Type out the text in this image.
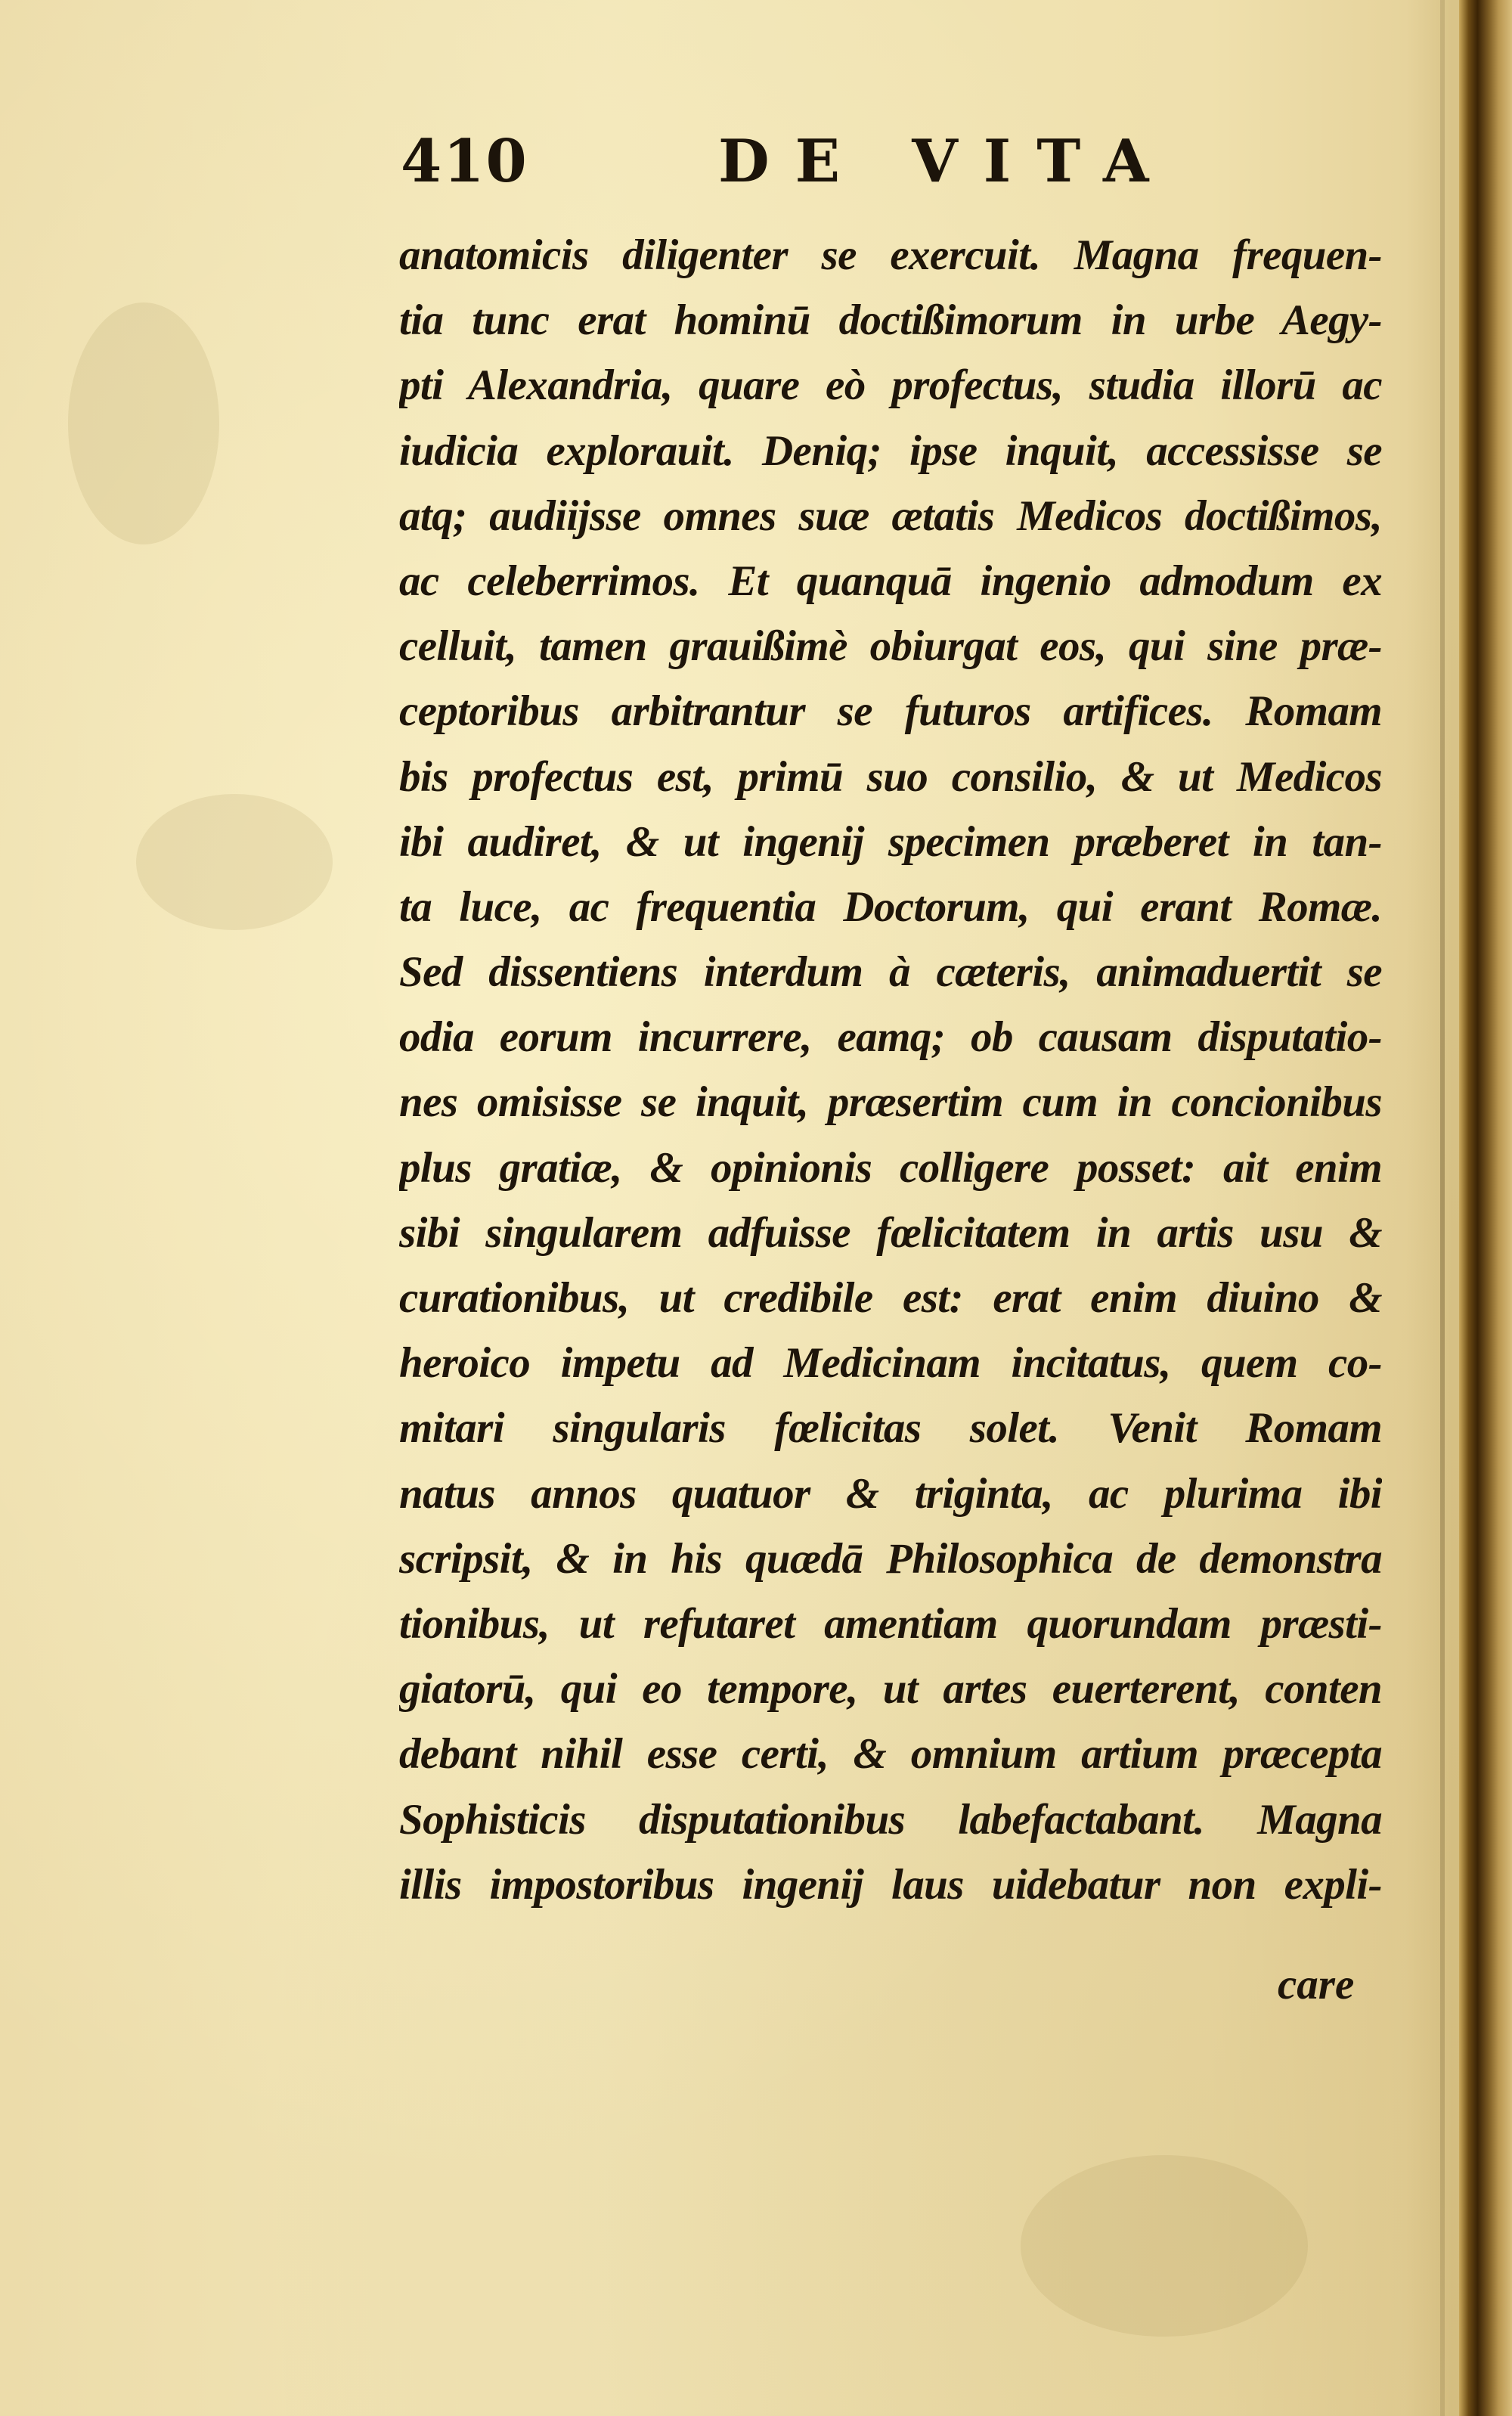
410	DE VITA
anatomicis diligenter se exercuit. Magna frequen-
tia tunc erat hominū doctißimorum in urbe Aegy-
pti Alexandria, quare eò profectus, studia illorū ac
iudicia explorauit. Deniq; ipse inquit, accessisse se
atq; audiijsse omnes suæ ætatis Medicos doctißimos,
ac celeberrimos. Et quanquā ingenio admodum ex
celluit, tamen grauißimè obiurgat eos, qui sine præ-
ceptoribus arbitrantur se futuros artifices. Romam
bis profectus est, primū suo consilio, & ut Medicos
ibi audiret, & ut ingenij specimen præberet in tan-
ta luce, ac frequentia Doctorum, qui erant Romæ.
Sed dissentiens interdum à cæteris, animaduertit se
odia eorum incurrere, eamq; ob causam disputatio-
nes omisisse se inquit, præsertim cum in concionibus
plus gratiæ, & opinionis colligere posset: ait enim
sibi singularem adfuisse fœlicitatem in artis usu &
curationibus, ut credibile est: erat enim diuino &
heroico impetu ad Medicinam incitatus, quem co-
mitari singularis fœlicitas solet. Venit Romam
natus annos quatuor & triginta, ac plurima ibi
scripsit, & in his quædā Philosophica de demonstra
tionibus, ut refutaret amentiam quorundam præsti-
giatorū, qui eo tempore, ut artes euerterent, conten
debant nihil esse certi, & omnium artium præcepta
Sophisticis disputationibus labefactabant. Magna
illis impostoribus ingenij laus uidebatur non expli-
care
